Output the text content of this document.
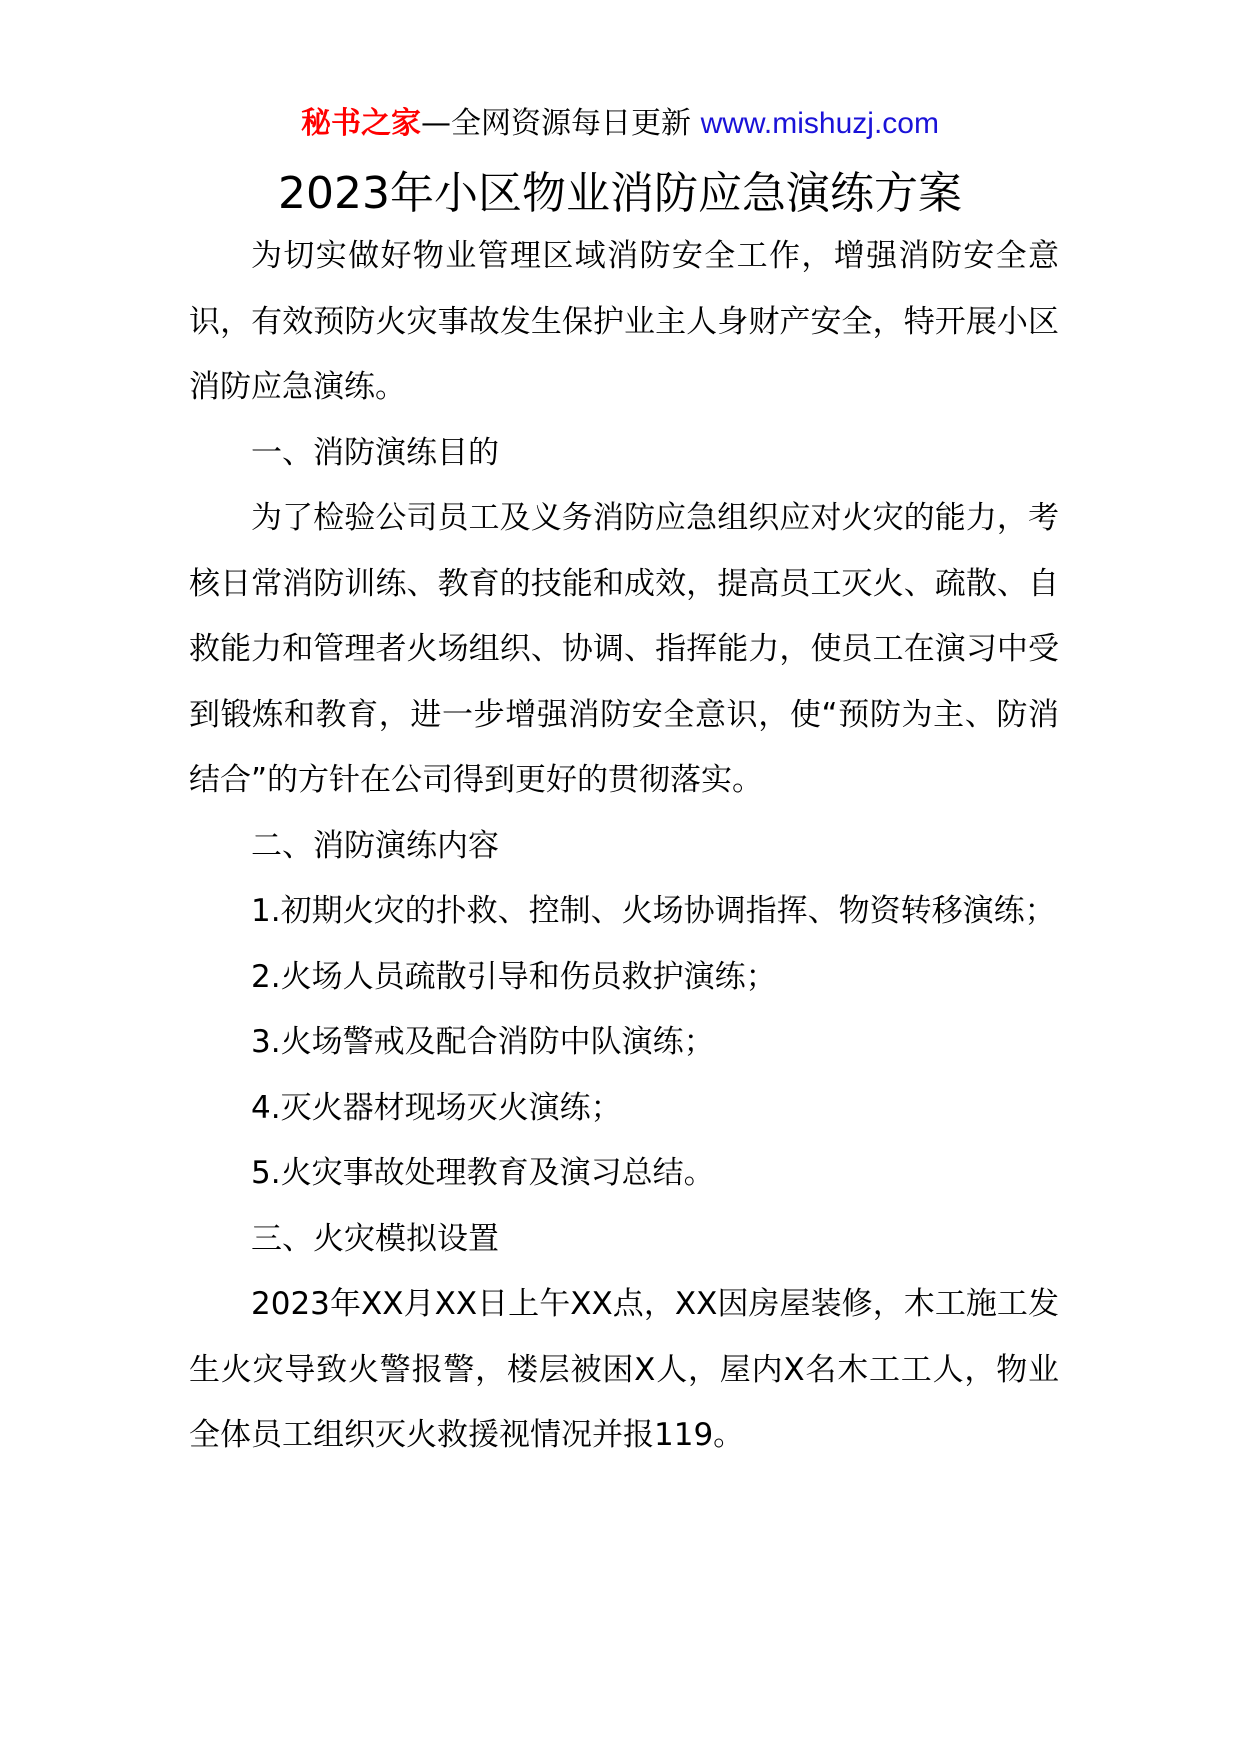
秘书之家—全网资源每日更新 www.mishuzj.com
2023年小区物业消防应急演练方案

为切实做好物业管理区域消防安全工作，增强消防安全意识，有效预防火灾事故发生保护业主人身财产安全，特开展小区消防应急演练。

一、消防演练目的

为了检验公司员工及义务消防应急组织应对火灾的能力，考核日常消防训练、教育的技能和成效，提高员工灭火、疏散、自救能力和管理者火场组织、协调、指挥能力，使员工在演习中受到锻炼和教育，进一步增强消防安全意识，使“预防为主、防消结合”的方针在公司得到更好的贯彻落实。

二、消防演练内容

1.初期火灾的扑救、控制、火场协调指挥、物资转移演练；

2.火场人员疏散引导和伤员救护演练；

3.火场警戒及配合消防中队演练；

4.灭火器材现场灭火演练；

5.火灾事故处理教育及演习总结。

三、火灾模拟设置

2023年XX月XX日上午XX点，XX因房屋装修，木工施工发生火灾导致火警报警，楼层被困X人，屋内X名木工工人，物业全体员工组织灭火救援视情况并报119。
